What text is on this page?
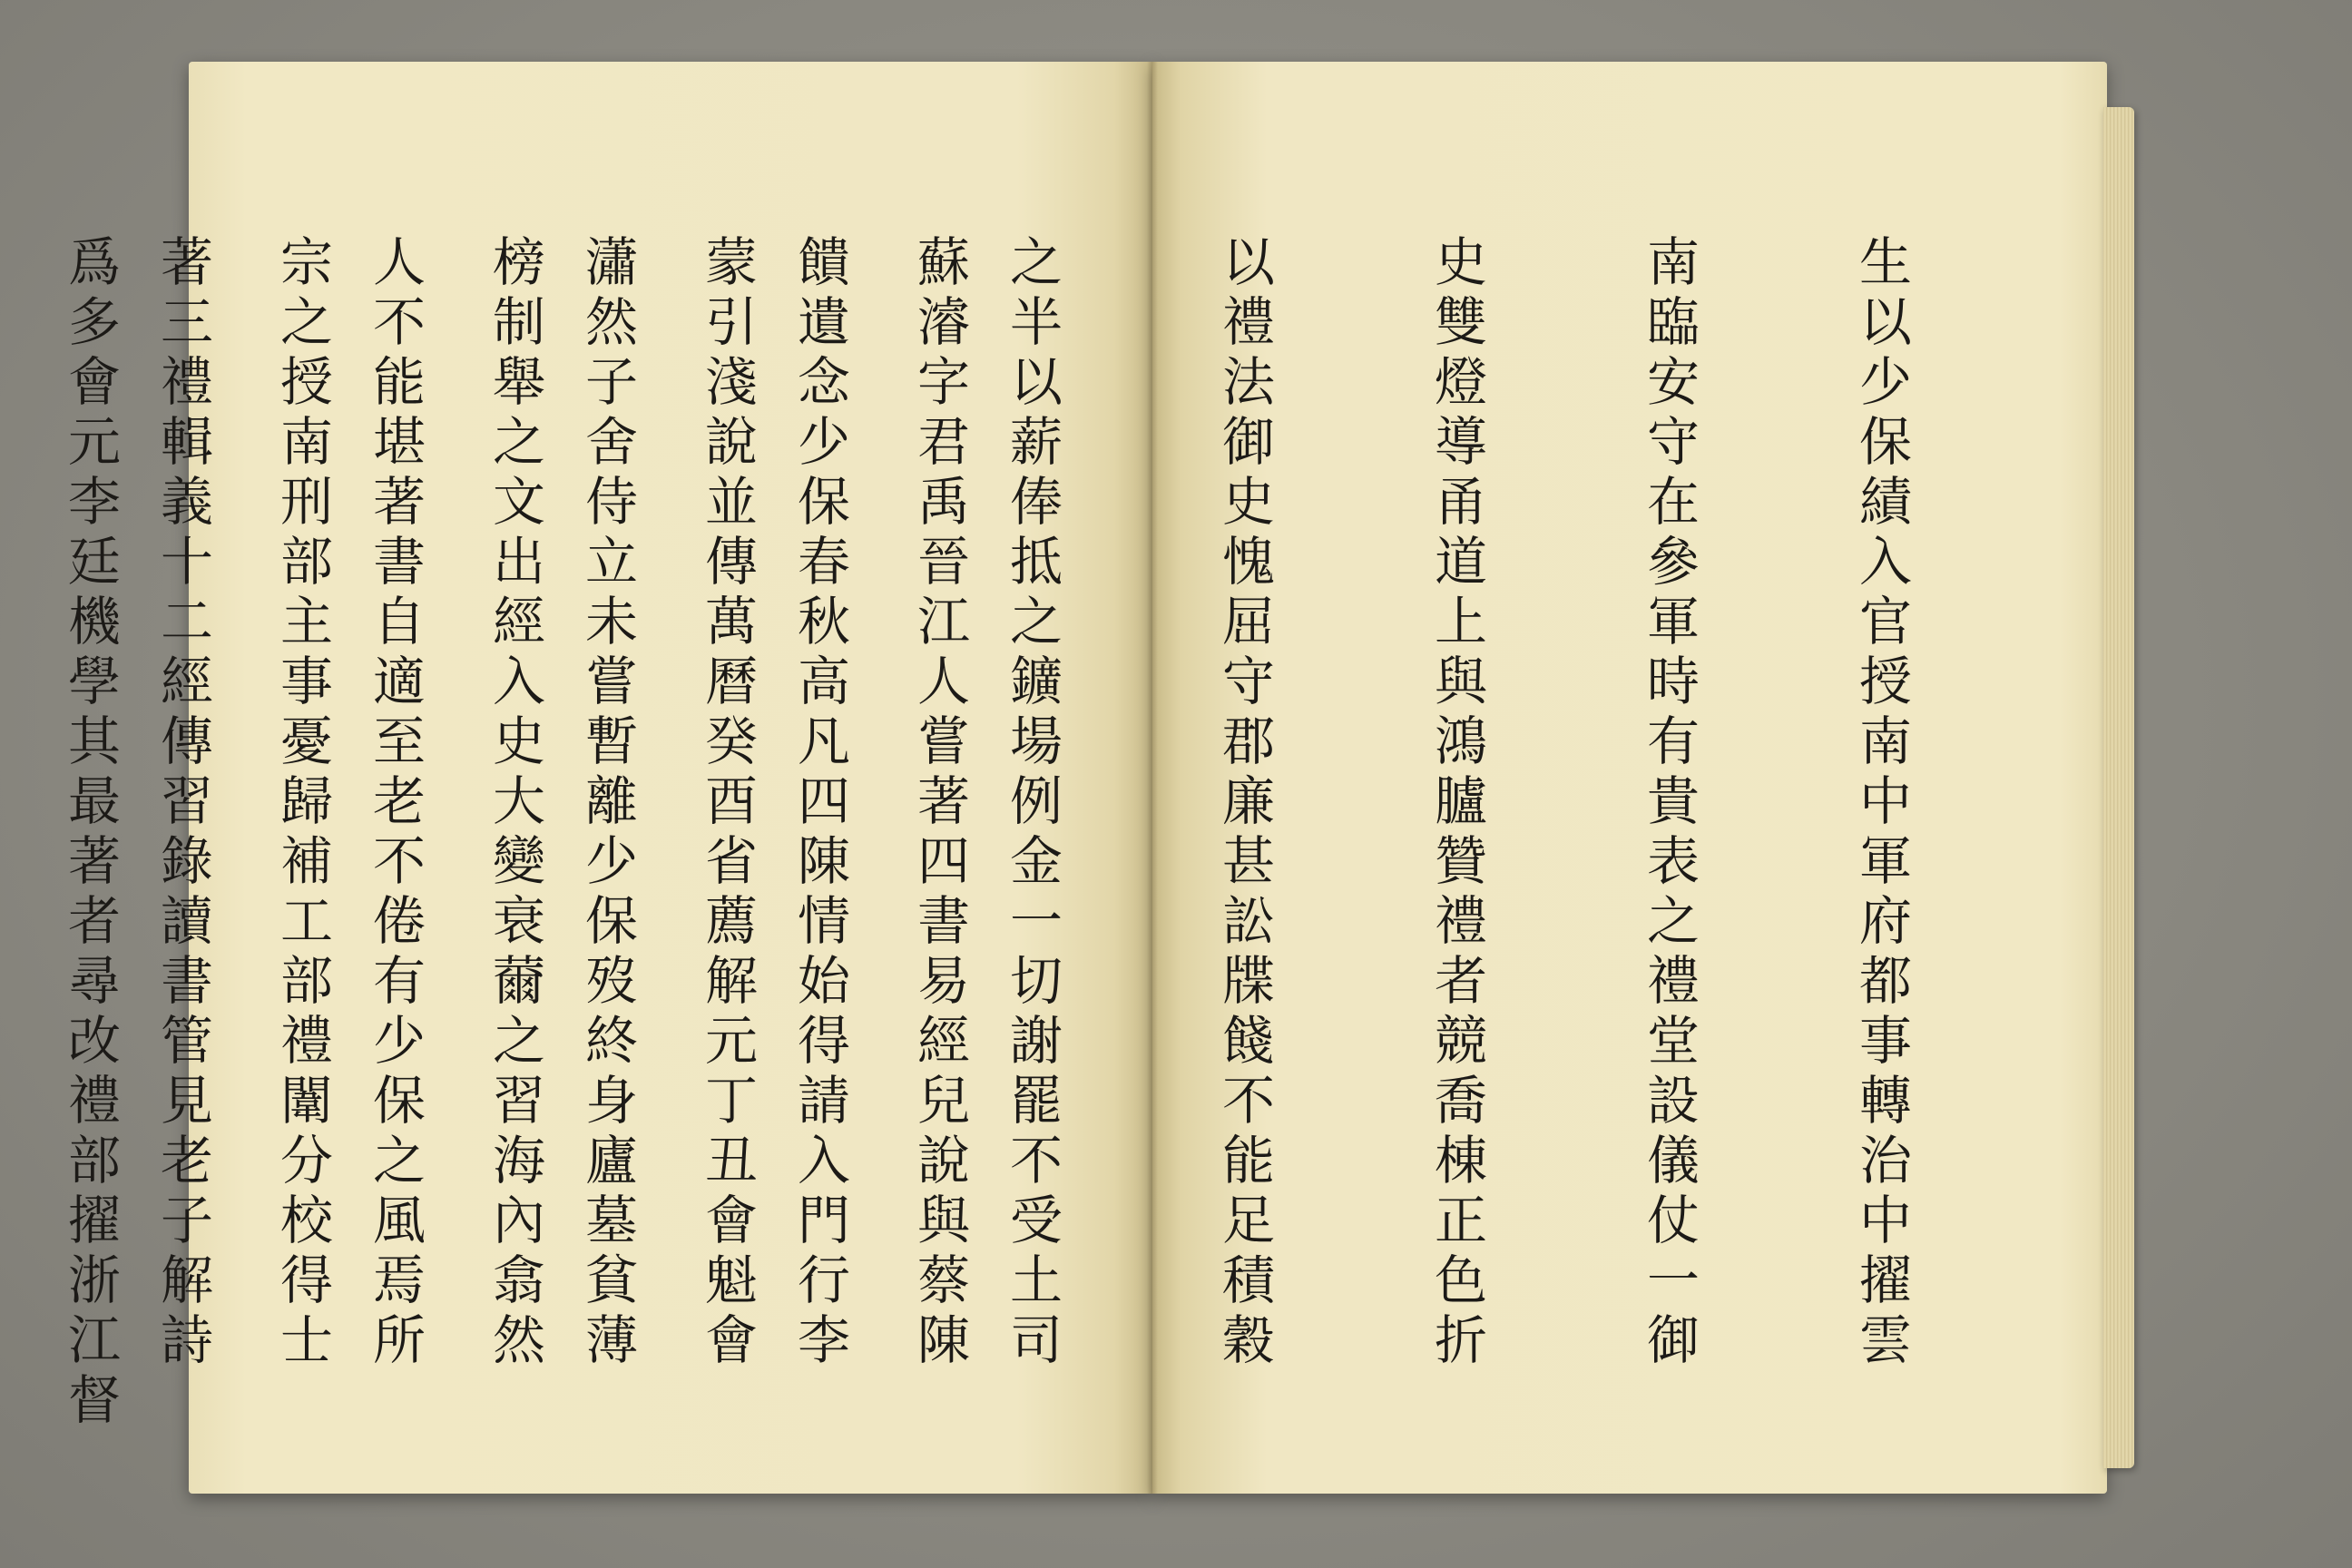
蘇濬字君禹晉江人嘗著四書易經兒說與蔡陳

蒙引淺說並傳萬曆癸酉省薦解元丁丑會魁會

榜制舉之文出經入史大變衰薾之習海內翕然

宗之授南刑部主事憂歸補工部禮闈分校得士

爲多會元李廷機學其最著者尋改禮部擢浙江督

	生以少保績入官授南中軍府都事轉治中擢雲

南臨安守在參軍時有貴表之禮堂設儀仗一御

史雙燈導甬道上與鴻臚贊禮者競喬棟正色折

以禮法御史愧屈守郡廉甚訟牒餞不能足積穀

之半以薪俸抵之鑛場例金一切謝罷不受土司

饋遺念少保春秋高凡四陳情始得請入門行李

瀟然子舍侍立未嘗暫離少保歿終身廬墓貧薄

人不能堪著書自適至老不倦有少保之風焉所

著三禮輯義十二經傳習錄讀書管見老子解詩
